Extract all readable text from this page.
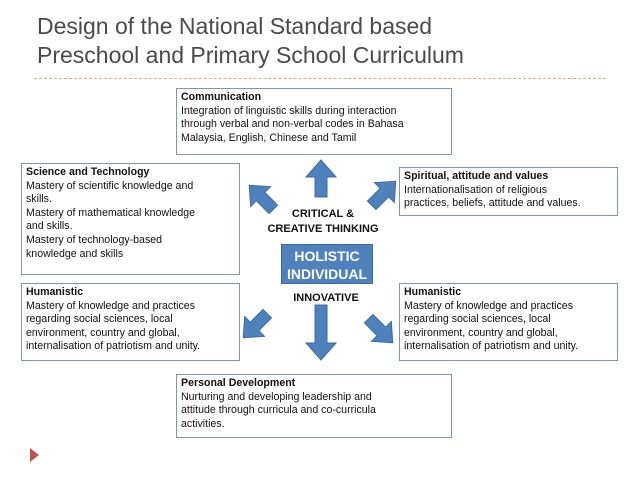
Design of the National Standard based
Preschool and Primary School Curriculum
Communication
Integration of linguistic skills during interaction
through verbal and non-verbal codes in Bahasa
Malaysia, English, Chinese and Tamil
Science and Technology
Mastery of scientific knowledge and
skills.
Mastery of mathematical knowledge
and skills.
Mastery of technology-based
knowledge and skills
Spiritual, attitude and values
Internationalisation of religious
practices, beliefs, attitude and values.
CRITICAL &
CREATIVE THINKING
HOLISTIC
INDIVIDUAL
INNOVATIVE
Humanistic
Mastery of knowledge and practices
regarding social sciences, local
environment, country and global,
internalisation of patriotism and unity.
Humanistic
Mastery of knowledge and practices
regarding social sciences, local
environment, country and global,
internalisation of patriotism and unity.
Personal Development
Nurturing and developing leadership and
attitude through curricula and co-curricula
activities.
